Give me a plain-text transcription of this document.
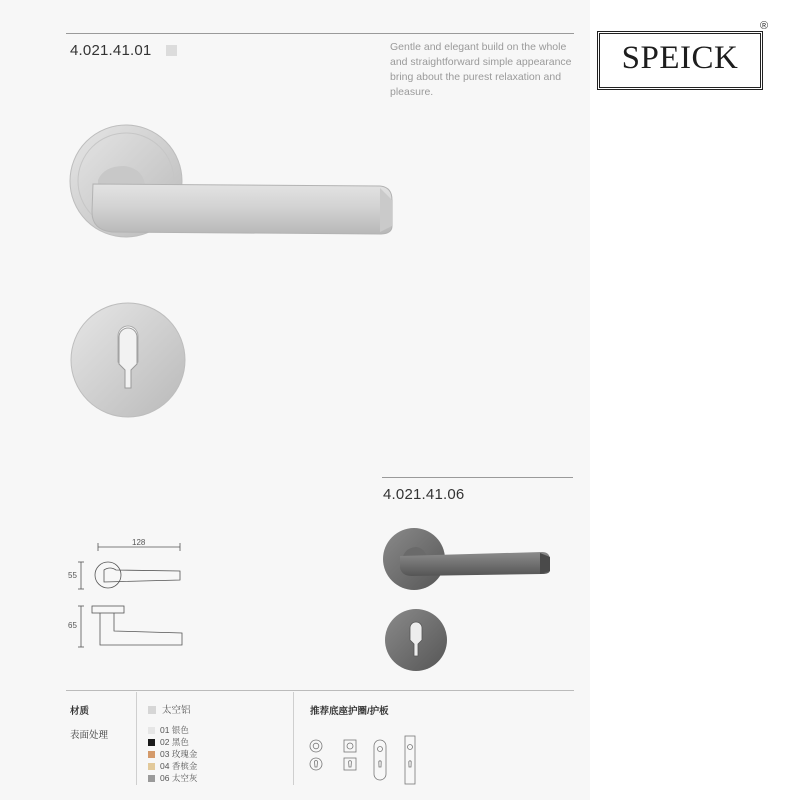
4.021.41.01	Gentle and elegant build on the whole and straightforward simple appearance bring about the purest relaxation and pleasure.
SPEICK
®
128
55
65
4.021.41.06
材质	太空铝
表面处理	01 银色
02 黑色
03 玫瑰金
04 香槟金
06 太空灰
推荐底座护圈/护板
